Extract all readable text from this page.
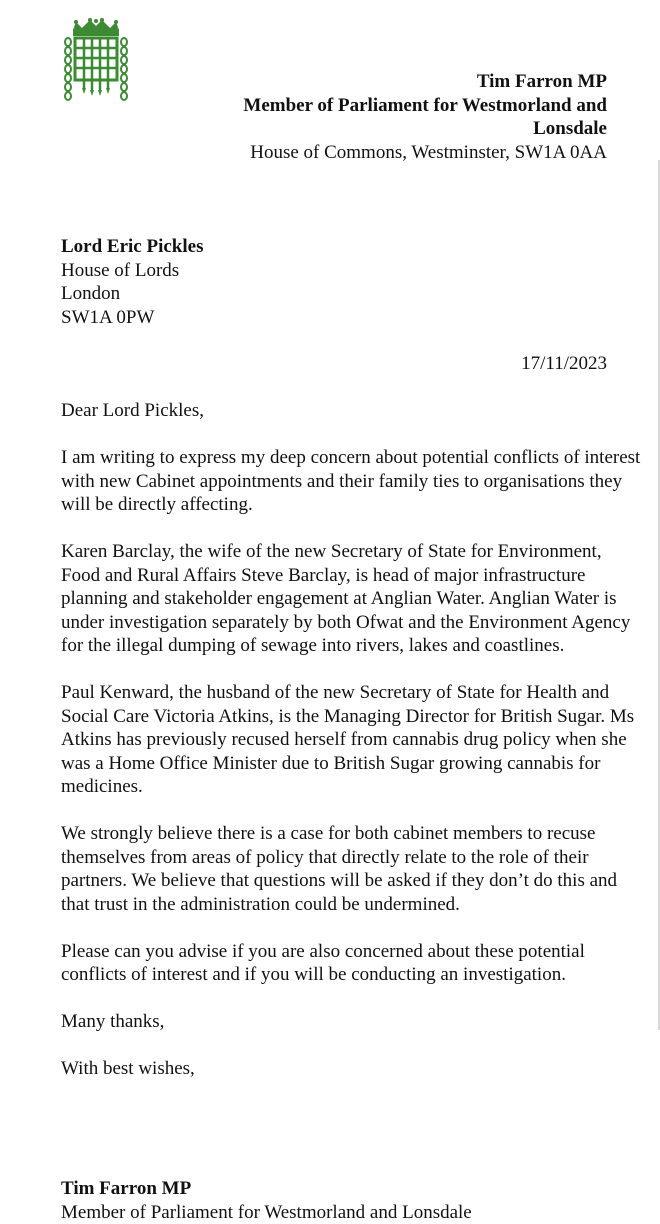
Tim Farron MP
Member of Parliament for Westmorland and
Lonsdale
House of Commons, Westminster, SW1A 0AA
Lord Eric Pickles
House of Lords
London
SW1A 0PW
17/11/2023

Dear Lord Pickles,

I am writing to express my deep concern about potential conflicts of interest with new Cabinet appointments and their family ties to organisations they will be directly affecting.

Karen Barclay, the wife of the new Secretary of State for Environment, Food and Rural Affairs Steve Barclay, is head of major infrastructure planning and stakeholder engagement at Anglian Water. Anglian Water is under investigation separately by both Ofwat and the Environment Agency for the illegal dumping of sewage into rivers, lakes and coastlines.

Paul Kenward, the husband of the new Secretary of State for Health and Social Care Victoria Atkins, is the Managing Director for British Sugar. Ms Atkins has previously recused herself from cannabis drug policy when she was a Home Office Minister due to British Sugar growing cannabis for medicines.

We strongly believe there is a case for both cabinet members to recuse themselves from areas of policy that directly relate to the role of their partners. We believe that questions will be asked if they don’t do this and that trust in the administration could be undermined.

Please can you advise if you are also concerned about these potential conflicts of interest and if you will be conducting an investigation.

Many thanks,

With best wishes,

Tim Farron MP
Member of Parliament for Westmorland and Lonsdale
